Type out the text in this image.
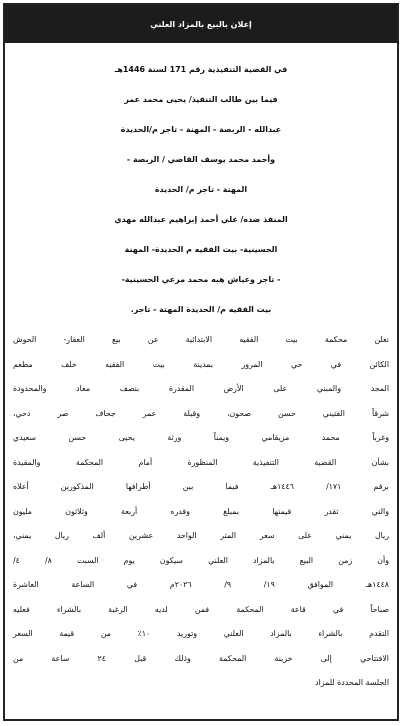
إعلان بالبيع بالمزاد العلني
في القضية التنفيذية رقم 171 لسنة 1446هـ
فيما بين طالب التنفيذ/ يحيى محمد عمر
عبدالله - الربصة - المهنة - تاجر م/الحديدة
وأحمد محمد يوسف القاضي / الربصة -
المهنة - تاجر م/ الحديدة
المنفذ ضده/ علي أحمد إبراهيم عبدالله مهدي
الحسينية- بيت الفقيه م الحديدة- المهنة
- تاجر وعياش هبه محمد مرعي الحسينية-
بيت الفقيه م/ الحديدة المهنة - تاجر.
تعلن محكمة بيت الفقيه الابتدائية عن بيع العقار- الحوش
الكائن في حي المرور بمدينة بيت الفقيه خلف مطعم
المجد والمبني على الأرض المقدرة بنصف معاد والمحدودة
شرقاً الفتيني حسن صحون، وقبلة عمر جحاف صر دحي،
وغرباً محمد مزيقامي ويمناً ورثة يحيى حسن سعيدي
بشأن القضية التنفيذية المنظورة أمام المحكمة والمقيدة
برقم ١٧١/ ١٤٤٦هـ فيما بين أطرافها المذكورين أعلاه
والتي تقدر قيمتها بمبلغ وقدره أربعة وثلاثون مليون
ريال يمني على سعر المتر الواحد عشرين ألف ريال يمني،
وأن زمن البيع بالمزاد العلني سيكون يوم السبت ٨/ ٤/
١٤٤٨هـ الموافق ١٩/ ٩/ ٢٠٢٦م في الساعة العاشرة
صباحاً في قاعة المحكمة فمن لديه الرغبة بالشراء فعليه
التقدم بالشراء بالمزاد العلني وتوريد ١٠٪ من قيمة السعر
الافتتاحي إلى خزينة المحكمة وذلك قبل ٢٤ ساعة من
الجلسة المحددة للمزاد
